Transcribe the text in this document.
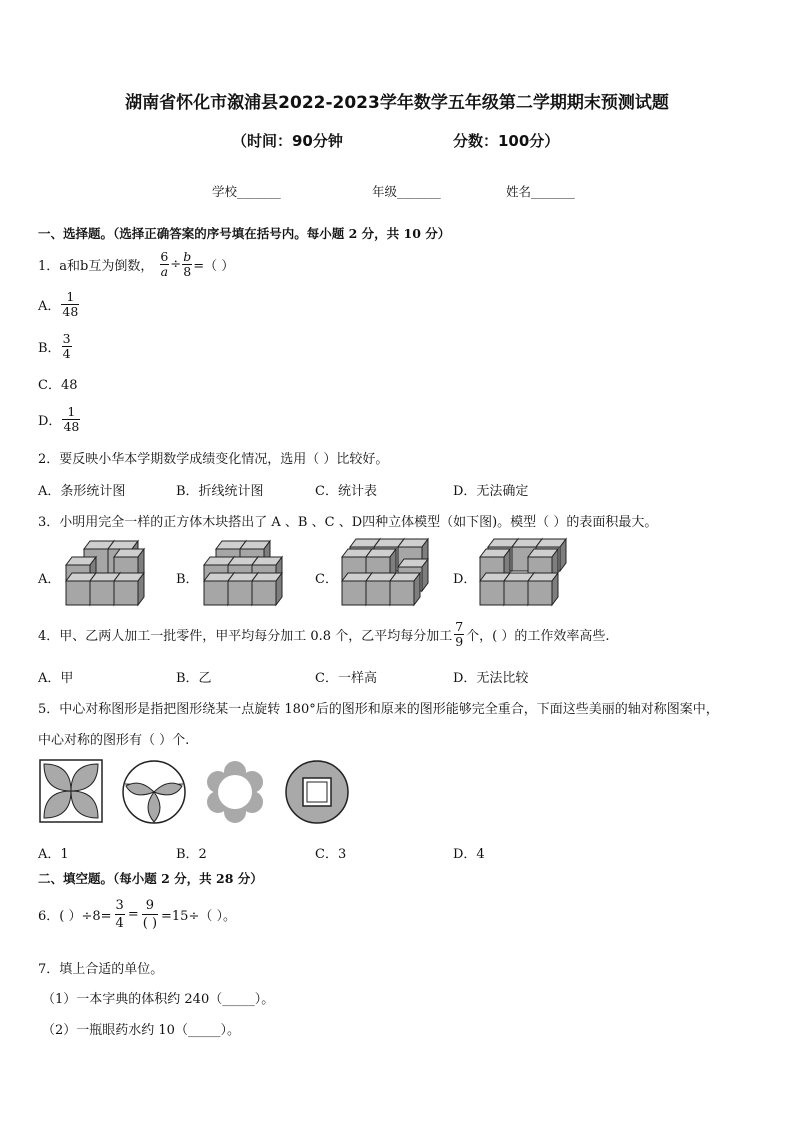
湖南省怀化市溆浦县2022-2023学年数学五年级第二学期期末预测试题
（时间：90分钟	分数：100分）
学校_______	年级_______	姓名_______
一、选择题。（选择正确答案的序号填在括号内。每小题 2 分，共 10 分）
1．a和b互为倒数， $\frac{6}{a} \div \frac{b}{8}$ =（ ）
A． $\frac{1}{48}$
B． $\frac{3}{4}$
C．48
D． $\frac{1}{48}$
2．要反映小华本学期数学成绩变化情况，选用（ ）比较好。
A．条形统计图	B．折线统计图	C．统计表	D．无法确定
3．小明用完全一样的正方体木块搭出了 A 、B 、C 、D四种立体模型（如下图)。模型（ ）的表面积最大。
A．	B．	C．	D．
4．甲、乙两人加工一批零件，甲平均每分加工 0.8 个，乙平均每分加工 $\frac{7}{9}$ 个，( ）的工作效率高些.
A．甲	B．乙	C．一样高	D．无法比较
5．中心对称图形是指把图形绕某一点旋转 180°后的图形和原来的图形能够完全重合，下面这些美丽的轴对称图案中，
中心对称的图形有（ ）个.
A．1	B．2	C．3	D．4
二、填空题。（每小题 2 分，共 28 分）
6．( ）$\div 8= \frac{3}{4} = \frac{9}{( )} =15\div$（ ）。
7．填上合适的单位。
（1）一本字典的体积约 240（_____）。
（2）一瓶眼药水约 10（_____）。
